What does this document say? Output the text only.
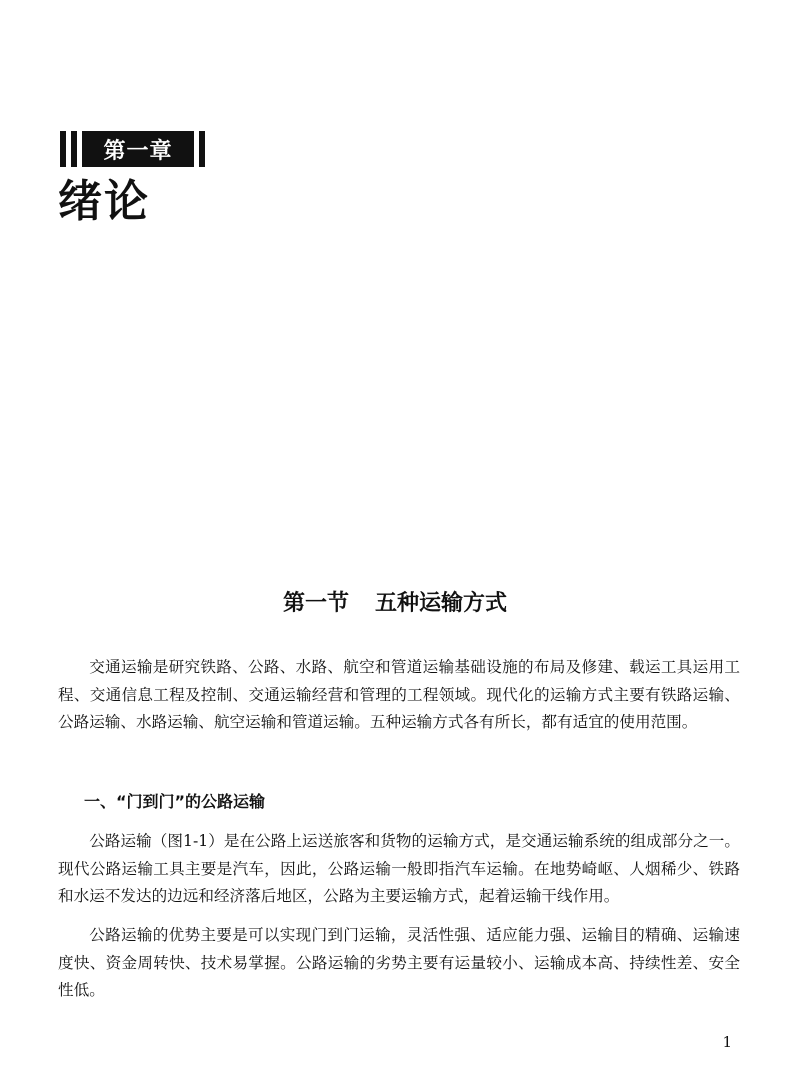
第一章
绪论
第一节 五种运输方式

交通运输是研究铁路、公路、水路、航空和管道运输基础设施的布局及修建、载运工具运用工程、交通信息工程及控制、交通运输经营和管理的工程领域。现代化的运输方式主要有铁路运输、公路运输、水路运输、航空运输和管道运输。五种运输方式各有所长，都有适宜的使用范围。

一、“门到门”的公路运输

公路运输（图1-1）是在公路上运送旅客和货物的运输方式，是交通运输系统的组成部分之一。现代公路运输工具主要是汽车，因此，公路运输一般即指汽车运输。在地势崎岖、人烟稀少、铁路和水运不发达的边远和经济落后地区，公路为主要运输方式，起着运输干线作用。

公路运输的优势主要是可以实现门到门运输，灵活性强、适应能力强、运输目的精确、运输速度快、资金周转快、技术易掌握。公路运输的劣势主要有运量较小、运输成本高、持续性差、安全性低。

1
